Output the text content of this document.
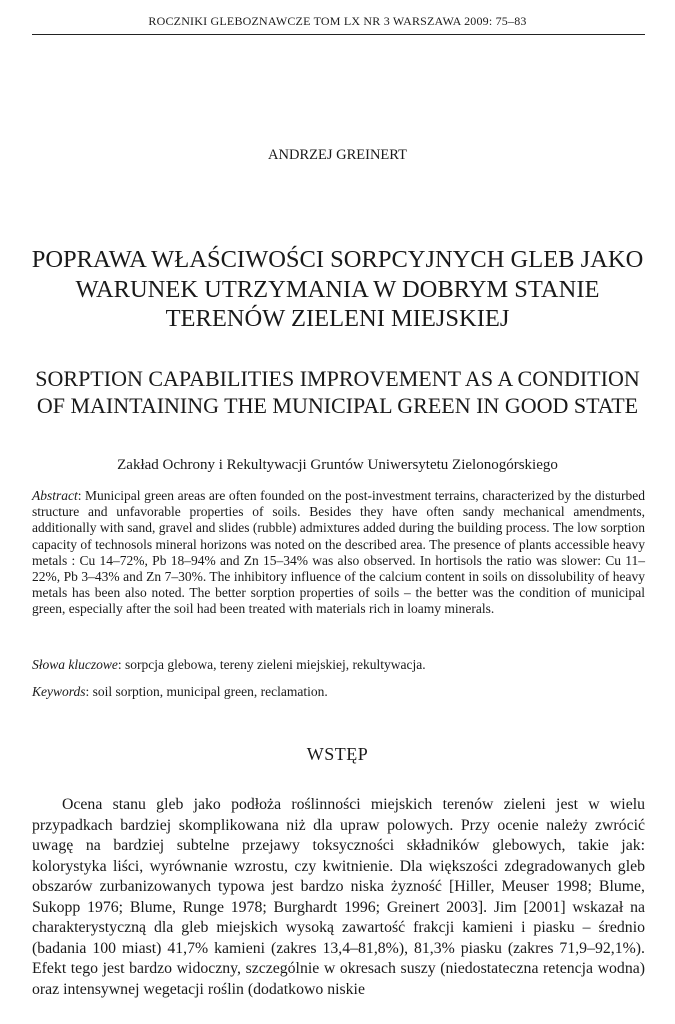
ROCZNIKI GLEBOZNAWCZE TOM LX NR 3 WARSZAWA 2009: 75–83
ANDRZEJ GREINERT
POPRAWA WŁAŚCIWOŚCI SORPCYJNYCH GLEB JAKO WARUNEK UTRZYMANIA W DOBRYM STANIE TERENÓW ZIELENI MIEJSKIEJ
SORPTION CAPABILITIES IMPROVEMENT AS A CONDITION OF MAINTAINING THE MUNICIPAL GREEN IN GOOD STATE
Zakład Ochrony i Rekultywacji Gruntów Uniwersytetu Zielonogórskiego
Abstract: Municipal green areas are often founded on the post-investment terrains, characterized by the disturbed structure and unfavorable properties of soils. Besides they have often sandy mechanical amendments, additionally with sand, gravel and slides (rubble) admixtures added during the building process. The low sorption capacity of technosols mineral horizons was noted on the described area. The presence of plants accessible heavy metals : Cu 14–72%, Pb 18–94% and Zn 15–34% was also observed. In hortisols the ratio was slower: Cu 11–22%, Pb 3–43% and Zn 7–30%. The inhibitory influence of the calcium content in soils on dissolubility of heavy metals has been also noted. The better sorption properties of soils – the better was the condition of municipal green, especially after the soil had been treated with materials rich in loamy minerals.
Słowa kluczowe: sorpcja glebowa, tereny zieleni miejskiej, rekultywacja.
Keywords: soil sorption, municipal green, reclamation.
WSTĘP
Ocena stanu gleb jako podłoża roślinności miejskich terenów zieleni jest w wielu przypadkach bardziej skomplikowana niż dla upraw polowych. Przy ocenie należy zwrócić uwagę na bardziej subtelne przejawy toksyczności składników glebowych, takie jak: kolorystyka liści, wyrównanie wzrostu, czy kwitnienie. Dla większości zdegradowanych gleb obszarów zurbanizowanych typowa jest bardzo niska żyzność [Hiller, Meuser 1998; Blume, Sukopp 1976; Blume, Runge 1978; Burghardt 1996; Greinert 2003]. Jim [2001] wskazał na charakterystyczną dla gleb miejskich wysoką zawartość frakcji kamieni i piasku – średnio (badania 100 miast) 41,7% kamieni (zakres 13,4–81,8%), 81,3% piasku (zakres 71,9–92,1%). Efekt tego jest bardzo widoczny, szczególnie w okresach suszy (niedostateczna retencja wodna) oraz intensywnej wegetacji roślin (dodatkowo niskie
